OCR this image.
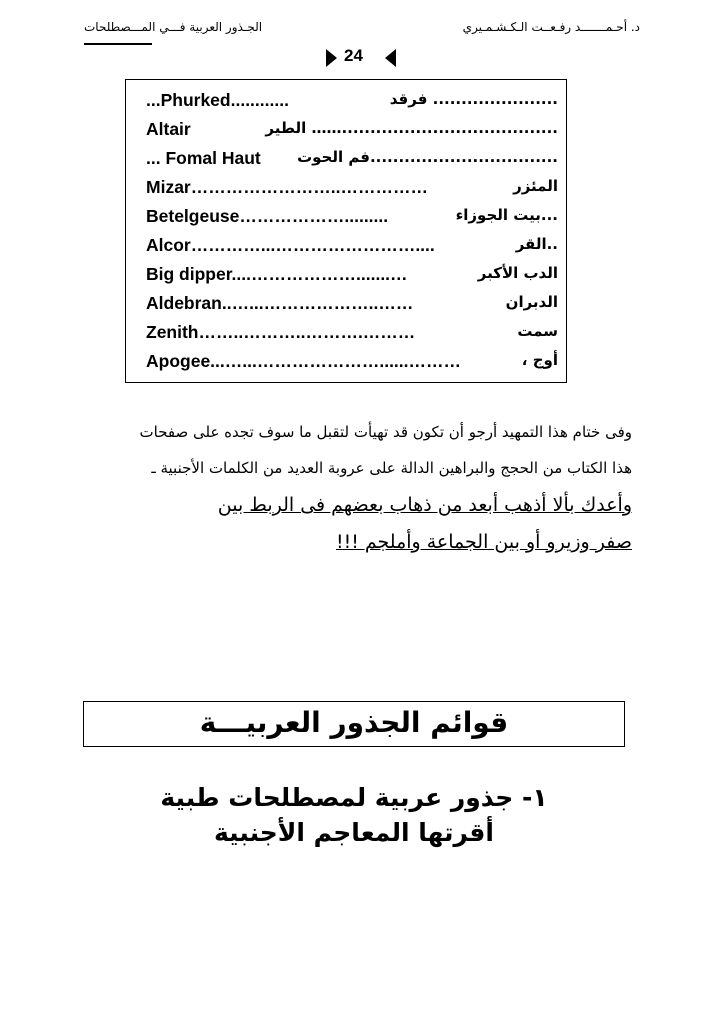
د. أحـمـــــــد رفـعــت الـكـشـمـيري
الجـذور العربية فـــي المـــصطلحات
24
...Phurked............	...................... فرقد
Altair	......................................…… الطير
... Fomal Haut .................................فم الحوت
Mizar……………………..……………	المئزر
Betelgeuse……………….........	...بيت الجوزاء
Alcor…………...……………………....	..القر
Big dipper....……………….......…	الدب الأكبر
Aldebran..…...………………..……	الدبران
Zenith……..………..……….………	سمت
Apogee...…...…………………......………	أوج ،
وفى ختام هذا التمهيد أرجو أن تكون قد تهيأت لتقبل ما سوف تجده على صفحات
هذا الكتاب من الحجج والبراهين الدالة على عروبة العديد من الكلمات الأجنبية ـ
وأعدك بألا أذهب أبعد من ذهاب بعضهم فى الربط بين
صفر وزيرو أو بين الجماعة وأملجم !!!
قوائم الجذور العربيـــة
١- جذور عربية لمصطلحات طبية
أقرتها المعاجم الأجنبية
